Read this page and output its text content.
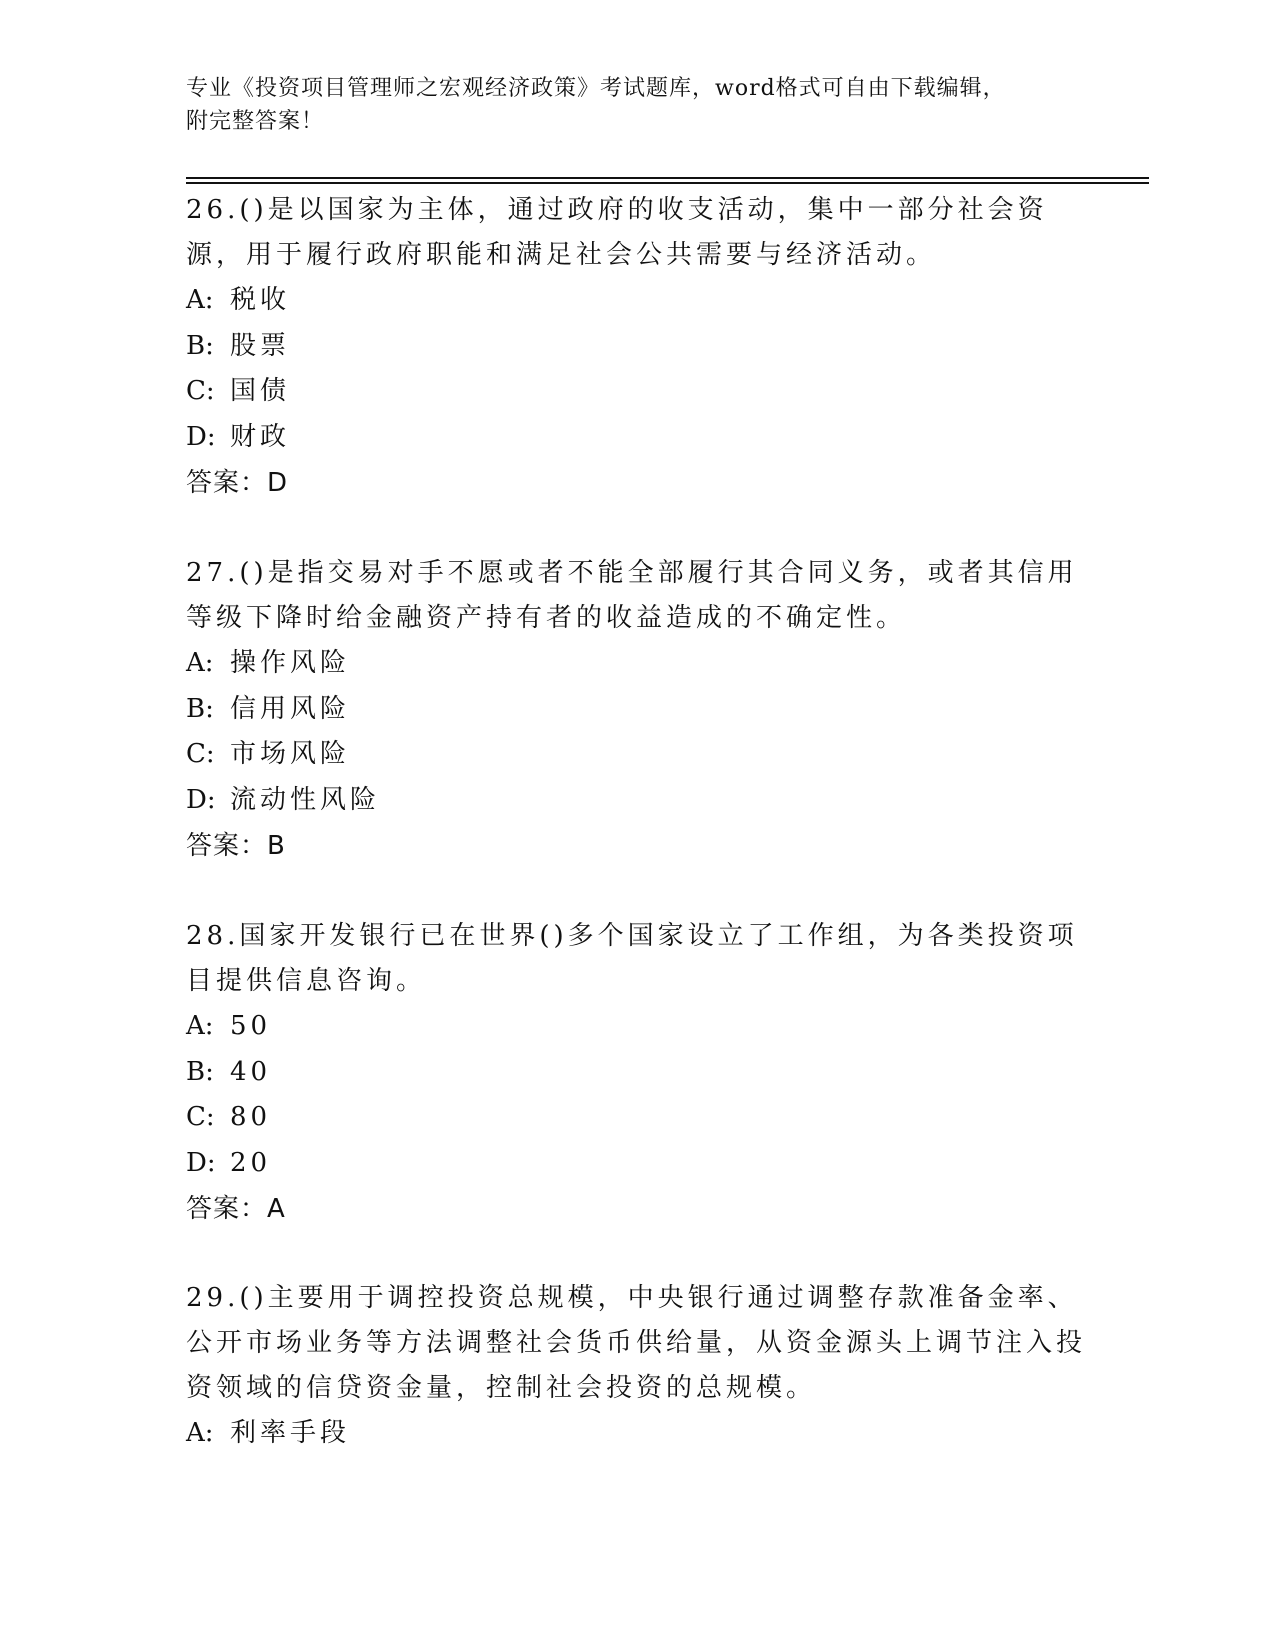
专业《投资项目管理师之宏观经济政策》考试题库，word格式可自由下载编辑，
附完整答案！

26.()是以国家为主体，通过政府的收支活动，集中一部分社会资源，用于履行政府职能和满足社会公共需要与经济活动。

A: 税收
B: 股票
C: 国债
D: 财政
答案：D

27.()是指交易对手不愿或者不能全部履行其合同义务，或者其信用等级下降时给金融资产持有者的收益造成的不确定性。

A: 操作风险
B: 信用风险
C: 市场风险
D: 流动性风险
答案：B

28.国家开发银行已在世界()多个国家设立了工作组，为各类投资项目提供信息咨询。

A: 50
B: 40
C: 80
D: 20
答案：A

29.()主要用于调控投资总规模，中央银行通过调整存款准备金率、公开市场业务等方法调整社会货币供给量，从资金源头上调节注入投资领域的信贷资金量，控制社会投资的总规模。

A: 利率手段
